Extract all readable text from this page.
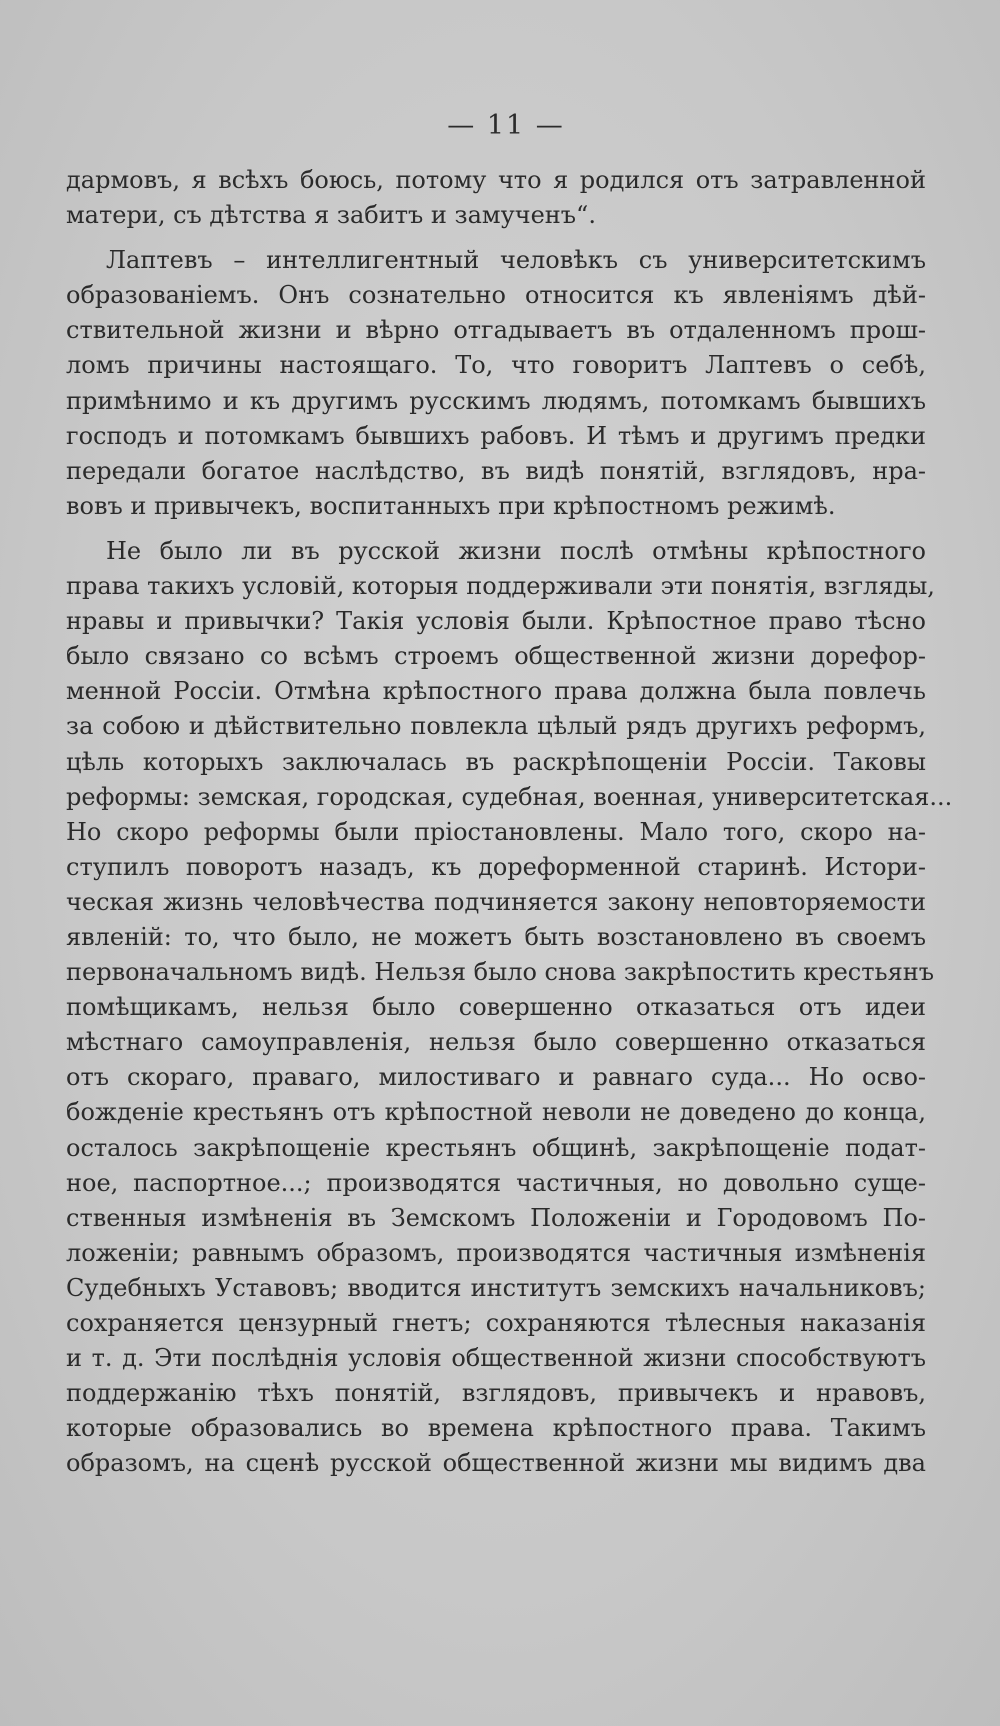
— 11 —
дармовъ, я всѣхъ боюсь, потому что я родился отъ затравленной
матери, съ дѣтства я забитъ и замученъ“.
Лаптевъ – интеллигентный человѣкъ съ университетскимъ
образованіемъ. Онъ сознательно относится къ явленіямъ дѣй-
ствительной жизни и вѣрно отгадываетъ въ отдаленномъ прош-
ломъ причины настоящаго. То, что говоритъ Лаптевъ о себѣ,
примѣнимо и къ другимъ русскимъ людямъ, потомкамъ бывшихъ
господъ и потомкамъ бывшихъ рабовъ. И тѣмъ и другимъ предки
передали богатое наслѣдство, въ видѣ понятій, взглядовъ, нра-
вовъ и привычекъ, воспитанныхъ при крѣпостномъ режимѣ.
Не было ли въ русской жизни послѣ отмѣны крѣпостного
права такихъ условій, которыя поддерживали эти понятія, взгляды,
нравы и привычки? Такія условія были. Крѣпостное право тѣсно
было связано со всѣмъ строемъ общественной жизни дорефор-
менной Россіи. Отмѣна крѣпостного права должна была повлечь
за собою и дѣйствительно повлекла цѣлый рядъ другихъ реформъ,
цѣль которыхъ заключалась въ раскрѣпощеніи Россіи. Таковы
реформы: земская, городская, судебная, военная, университетская...
Но скоро реформы были пріостановлены. Мало того, скоро на-
ступилъ поворотъ назадъ, къ дореформенной старинѣ. Истори-
ческая жизнь человѣчества подчиняется закону неповторяемости
явленій: то, что было, не можетъ быть возстановлено въ своемъ
первоначальномъ видѣ. Нельзя было снова закрѣпостить крестьянъ
помѣщикамъ, нельзя было совершенно отказаться отъ идеи
мѣстнаго самоуправленія, нельзя было совершенно отказаться
отъ скораго, праваго, милостиваго и равнаго суда... Но осво-
божденіе крестьянъ отъ крѣпостной неволи не доведено до конца,
осталось закрѣпощеніе крестьянъ общинѣ, закрѣпощеніе подат-
ное, паспортное...; производятся частичныя, но довольно суще-
ственныя измѣненія въ Земскомъ Положеніи и Городовомъ По-
ложеніи; равнымъ образомъ, производятся частичныя измѣненія
Судебныхъ Уставовъ; вводится институтъ земскихъ начальниковъ;
сохраняется цензурный гнетъ; сохраняются тѣлесныя наказанія
и т. д. Эти послѣднія условія общественной жизни способствуютъ
поддержанію тѣхъ понятій, взглядовъ, привычекъ и нравовъ,
которые образовались во времена крѣпостного права. Такимъ
образомъ, на сценѣ русской общественной жизни мы видимъ два
